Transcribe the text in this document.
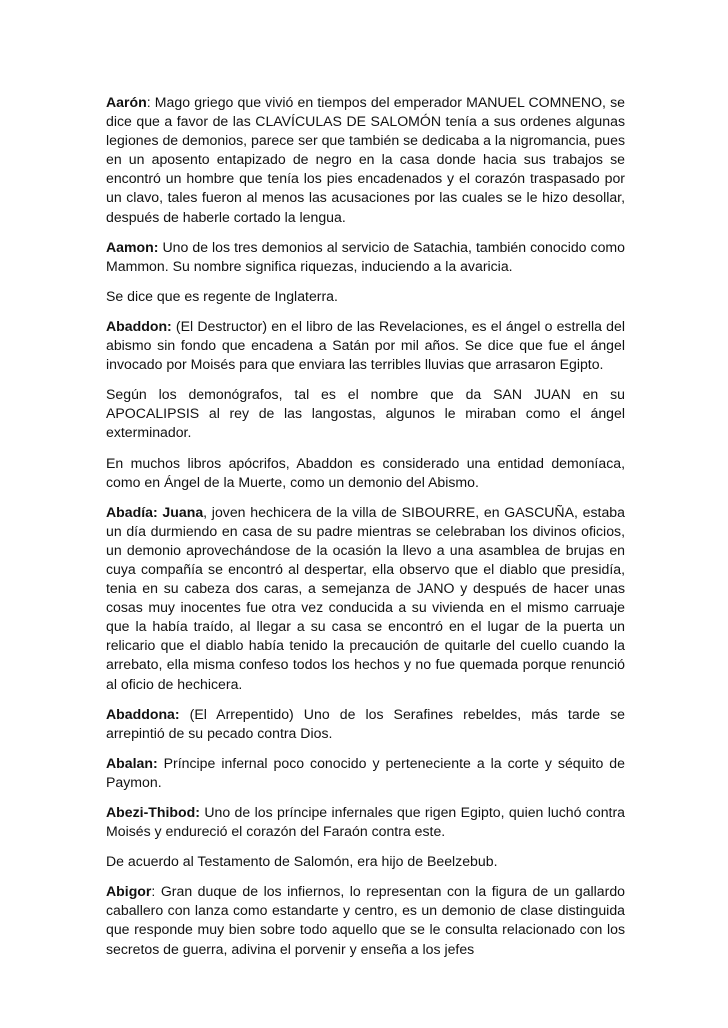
Aarón: Mago griego que vivió en tiempos del emperador MANUEL COMNENO, se dice que a favor de las CLAVÍCULAS DE SALOMÓN tenía a sus ordenes algunas legiones de demonios, parece ser que también se dedicaba a la nigromancia, pues en un aposento entapizado de negro en la casa donde hacia sus trabajos se encontró un hombre que tenía los pies encadenados y el corazón traspasado por un clavo, tales fueron al menos las acusaciones por las cuales se le hizo desollar, después de haberle cortado la lengua.

Aamon: Uno de los tres demonios al servicio de Satachia, también conocido como Mammon. Su nombre significa riquezas, induciendo a la avaricia.

Se dice que es regente de Inglaterra.

Abaddon: (El Destructor) en el libro de las Revelaciones, es el ángel o estrella del abismo sin fondo que encadena a Satán por mil años. Se dice que fue el ángel invocado por Moisés para que enviara las terribles lluvias que arrasaron Egipto.

Según los demonógrafos, tal es el nombre que da SAN JUAN en su APOCALIPSIS al rey de las langostas, algunos le miraban como el ángel exterminador.

En muchos libros apócrifos, Abaddon es considerado una entidad demoníaca, como en Ángel de la Muerte, como un demonio del Abismo.

Abadía: Juana, joven hechicera de la villa de SIBOURRE, en GASCUÑA, estaba un día durmiendo en casa de su padre mientras se celebraban los divinos oficios, un demonio aprovechándose de la ocasión la llevo a una asamblea de brujas en cuya compañía se encontró al despertar, ella observo que el diablo que presidía, tenia en su cabeza dos caras, a semejanza de JANO y después de hacer unas cosas muy inocentes fue otra vez conducida a su vivienda en el mismo carruaje que la había traído, al llegar a su casa se encontró en el lugar de la puerta un relicario que el diablo había tenido la precaución de quitarle del cuello cuando la arrebato, ella misma confeso todos los hechos y no fue quemada porque renunció al oficio de hechicera.

Abaddona: (El Arrepentido) Uno de los Serafines rebeldes, más tarde se arrepintió de su pecado contra Dios.

Abalan: Príncipe infernal poco conocido y perteneciente a la corte y séquito de Paymon.

Abezi-Thibod: Uno de los príncipe infernales que rigen Egipto, quien luchó contra Moisés y endureció el corazón del Faraón contra este.

De acuerdo al Testamento de Salomón, era hijo de Beelzebub.

Abigor: Gran duque de los infiernos, lo representan con la figura de un gallardo caballero con lanza como estandarte y centro, es un demonio de clase distinguida que responde muy bien sobre todo aquello que se le consulta relacionado con los secretos de guerra, adivina el porvenir y enseña a los jefes
